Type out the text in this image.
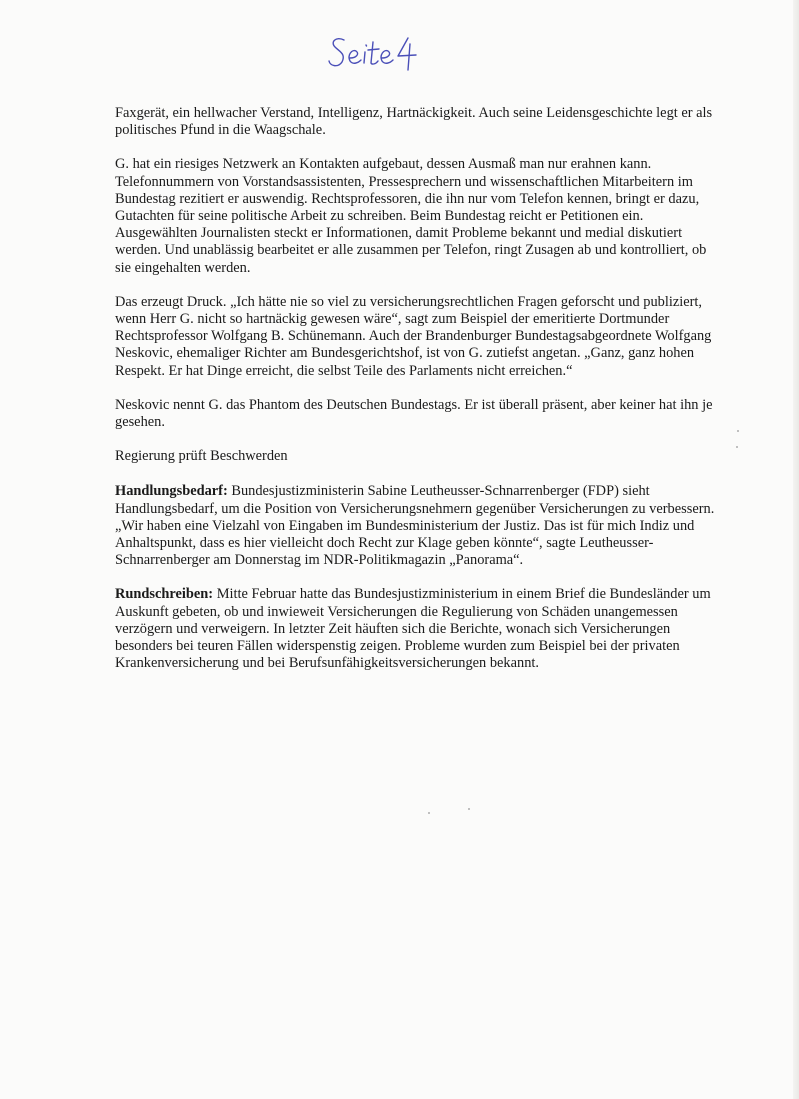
Faxgerät, ein hellwacher Verstand, Intelligenz, Hartnäckigkeit. Auch seine Leidensgeschichte legt er als politisches Pfund in die Waagschale.

G. hat ein riesiges Netzwerk an Kontakten aufgebaut, dessen Ausmaß man nur erahnen kann. Telefonnummern von Vorstandsassistenten, Pressesprechern und wissenschaftlichen Mitarbeitern im Bundestag rezitiert er auswendig. Rechtsprofessoren, die ihn nur vom Telefon kennen, bringt er dazu, Gutachten für seine politische Arbeit zu schreiben. Beim Bundestag reicht er Petitionen ein. Ausgewählten Journalisten steckt er Informationen, damit Probleme bekannt und medial diskutiert werden. Und unablässig bearbeitet er alle zusammen per Telefon, ringt Zusagen ab und kontrolliert, ob sie eingehalten werden.

Das erzeugt Druck. „Ich hätte nie so viel zu versicherungsrechtlichen Fragen geforscht und publiziert, wenn Herr G. nicht so hartnäckig gewesen wäre“, sagt zum Beispiel der emeritierte Dortmunder Rechtsprofessor Wolfgang B. Schünemann. Auch der Brandenburger Bundestagsabgeordnete Wolfgang Neskovic, ehemaliger Richter am Bundesgerichtshof, ist von G. zutiefst angetan. „Ganz, ganz hohen Respekt. Er hat Dinge erreicht, die selbst Teile des Parlaments nicht erreichen.“

Neskovic nennt G. das Phantom des Deutschen Bundestags. Er ist überall präsent, aber keiner hat ihn je gesehen.

Regierung prüft Beschwerden

Handlungsbedarf: Bundesjustizministerin Sabine Leutheusser-Schnarrenberger (FDP) sieht Handlungsbedarf, um die Position von Versicherungsnehmern gegenüber Versicherungen zu verbessern. „Wir haben eine Vielzahl von Eingaben im Bundesministerium der Justiz. Das ist für mich Indiz und Anhaltspunkt, dass es hier vielleicht doch Recht zur Klage geben könnte“, sagte Leutheusser-Schnarrenberger am Donnerstag im NDR-Politikmagazin „Panorama“.

Rundschreiben: Mitte Februar hatte das Bundesjustizministerium in einem Brief die Bundesländer um Auskunft gebeten, ob und inwieweit Versicherungen die Regulierung von Schäden unangemessen verzögern und verweigern. In letzter Zeit häuften sich die Berichte, wonach sich Versicherungen besonders bei teuren Fällen widerspenstig zeigen. Probleme wurden zum Beispiel bei der privaten Krankenversicherung und bei Berufsunfähigkeitsversicherungen bekannt.
